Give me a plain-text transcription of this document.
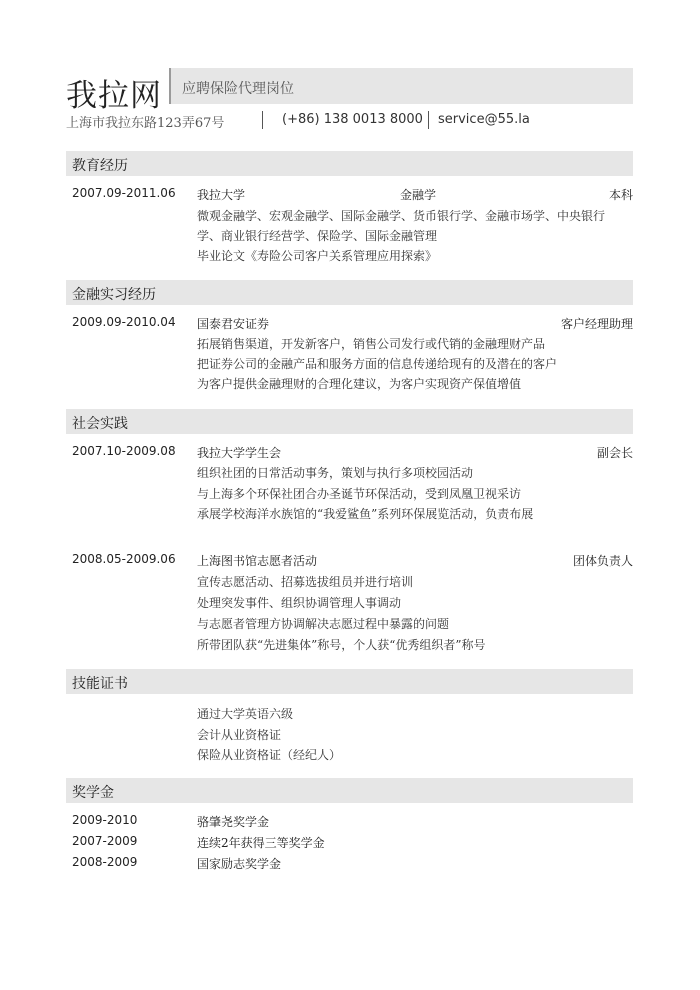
我拉网 应聘保险代理岗位
上海市我拉东路123弄67号	(+86) 138 0013 8000 service@55.la
教育经历
2007.09-2011.06 我拉大学	金融学	本科
微观金融学、宏观金融学、国际金融学、货币银行学、金融市场学、中央银行
学、商业银行经营学、保险学、国际金融管理
毕业论文《寿险公司客户关系管理应用探索》
金融实习经历
2009.09-2010.04 国泰君安证券	客户经理助理
拓展销售渠道，开发新客户，销售公司发行或代销的金融理财产品
把证券公司的金融产品和服务方面的信息传递给现有的及潜在的客户
为客户提供金融理财的合理化建议，为客户实现资产保值增值
社会实践
2007.10-2009.08 我拉大学学生会	副会长
组织社团的日常活动事务，策划与执行多项校园活动
与上海多个环保社团合办圣诞节环保活动，受到凤凰卫视采访
承展学校海洋水族馆的“我爱鲨鱼”系列环保展览活动，负责布展
2008.05-2009.06 上海图书馆志愿者活动	团体负责人
宣传志愿活动、招募选拔组员并进行培训
处理突发事件、组织协调管理人事调动
与志愿者管理方协调解决志愿过程中暴露的问题
所带团队获“先进集体”称号，个人获“优秀组织者”称号
技能证书
通过大学英语六级
会计从业资格证
保险从业资格证（经纪人）
奖学金
2009-2010	骆肇尧奖学金
2007-2009	连续2年获得三等奖学金
2008-2009	国家励志奖学金
